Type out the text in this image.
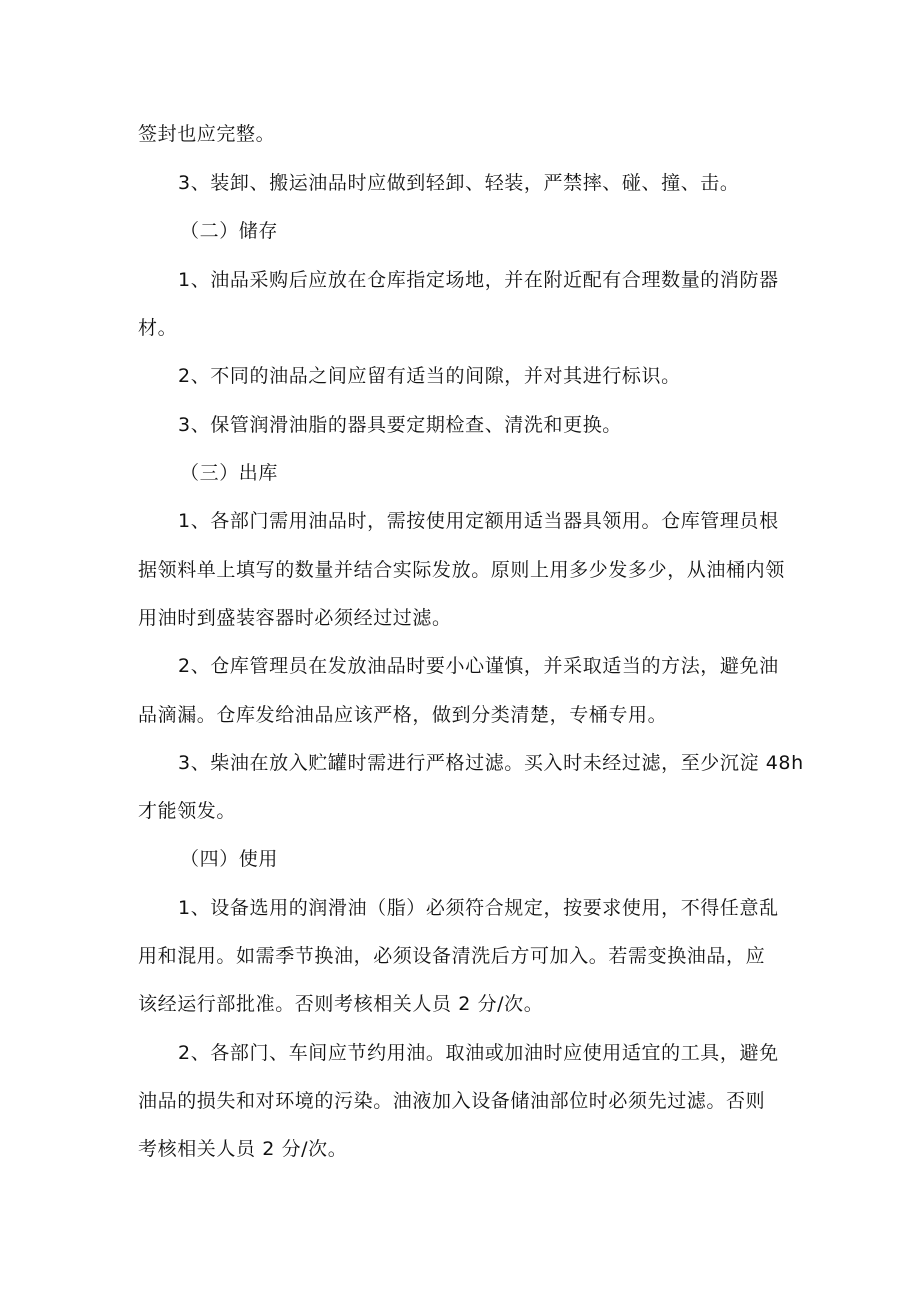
签封也应完整。
3、装卸、搬运油品时应做到轻卸、轻装，严禁摔、碰、撞、击。
（二）储存
1、油品采购后应放在仓库指定场地，并在附近配有合理数量的消防器
材。
2、不同的油品之间应留有适当的间隙，并对其进行标识。
3、保管润滑油脂的器具要定期检查、清洗和更换。
（三）出库
1、各部门需用油品时，需按使用定额用适当器具领用。仓库管理员根
据领料单上填写的数量并结合实际发放。原则上用多少发多少，从油桶内领
用油时到盛装容器时必须经过过滤。
2、仓库管理员在发放油品时要小心谨慎，并采取适当的方法，避免油
品滴漏。仓库发给油品应该严格，做到分类清楚，专桶专用。
3、柴油在放入贮罐时需进行严格过滤。买入时未经过滤，至少沉淀 48h
才能领发。
（四）使用
1、设备选用的润滑油（脂）必须符合规定，按要求使用，不得任意乱
用和混用。如需季节换油，必须设备清洗后方可加入。若需变换油品，应
该经运行部批准。否则考核相关人员 2 分/次。
2、各部门、车间应节约用油。取油或加油时应使用适宜的工具，避免
油品的损失和对环境的污染。油液加入设备储油部位时必须先过滤。否则
考核相关人员 2 分/次。
